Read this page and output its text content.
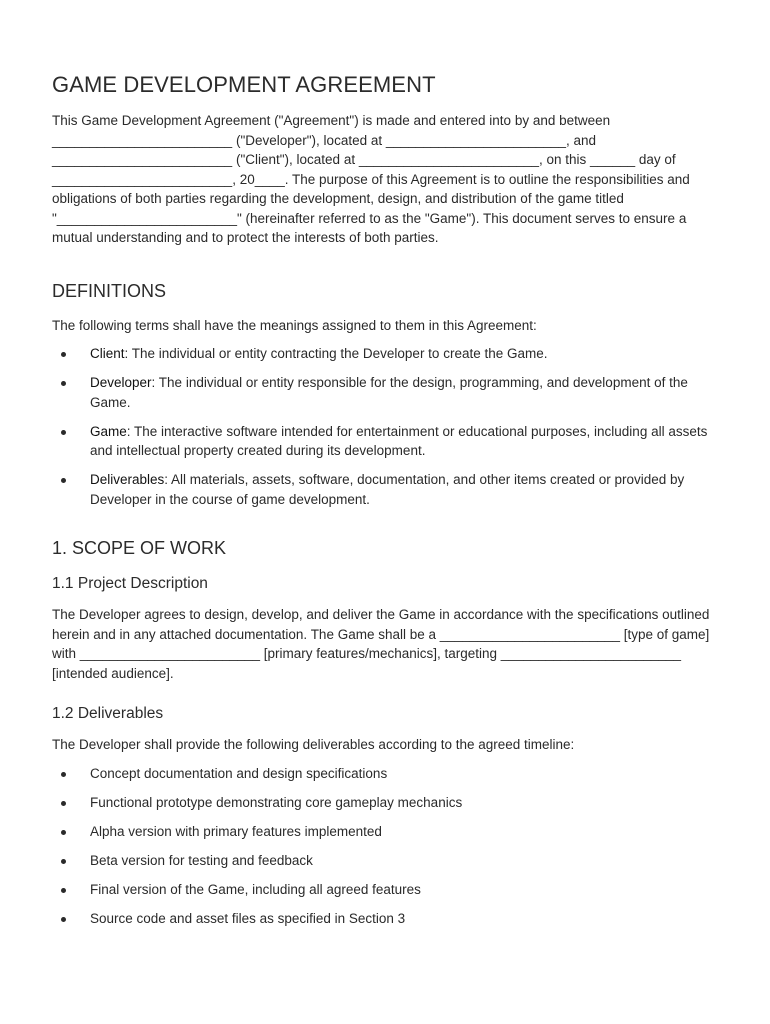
GAME DEVELOPMENT AGREEMENT

This Game Development Agreement ("Agreement") is made and entered into by and between ________________________ ("Developer"), located at ________________________, and ________________________ ("Client"), located at ________________________, on this ______ day of ________________________, 20____. The purpose of this Agreement is to outline the responsibilities and obligations of both parties regarding the development, design, and distribution of the game titled "________________________" (hereinafter referred to as the "Game"). This document serves to ensure a mutual understanding and to protect the interests of both parties.

DEFINITIONS

The following terms shall have the meanings assigned to them in this Agreement:

Client: The individual or entity contracting the Developer to create the Game.
Developer: The individual or entity responsible for the design, programming, and development of the Game.
Game: The interactive software intended for entertainment or educational purposes, including all assets and intellectual property created during its development.
Deliverables: All materials, assets, software, documentation, and other items created or provided by Developer in the course of game development.
1. SCOPE OF WORK
1.1 Project Description

The Developer agrees to design, develop, and deliver the Game in accordance with the specifications outlined herein and in any attached documentation. The Game shall be a ________________________ [type of game] with ________________________ [primary features/mechanics], targeting ________________________ [intended audience].

1.2 Deliverables

The Developer shall provide the following deliverables according to the agreed timeline:

Concept documentation and design specifications
Functional prototype demonstrating core gameplay mechanics
Alpha version with primary features implemented
Beta version for testing and feedback
Final version of the Game, including all agreed features
Source code and asset files as specified in Section 3
